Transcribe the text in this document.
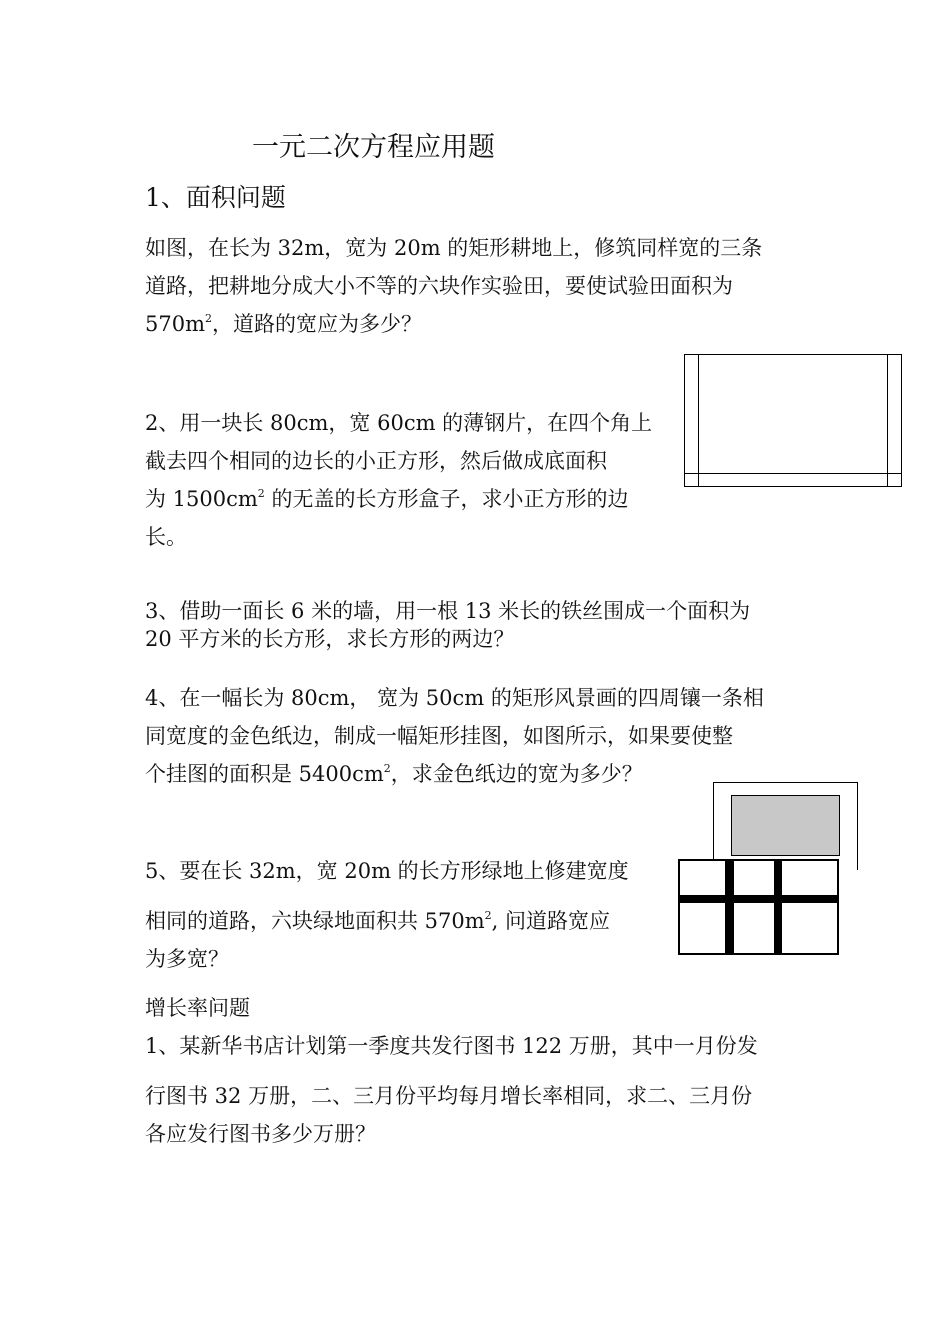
一元二次方程应用题
1、面积问题
如图，在长为 32m，宽为 20m 的矩形耕地上，修筑同样宽的三条
道路，把耕地分成大小不等的六块作实验田，要使试验田面积为
$570m^2$，道路的宽应为多少？
2、用一块长 80cm，宽 60cm 的薄钢片，在四个角上
截去四个相同的边长的小正方形，然后做成底面积
为 $1500cm^2$ 的无盖的长方形盒子，求小正方形的边
长。
3、借助一面长 6 米的墙，用一根 13 米长的铁丝围成一个面积为
20 平方米的长方形，求长方形的两边？
4、在一幅长为 80cm， 宽为 50cm 的矩形风景画的四周镶一条相
同宽度的金色纸边，制成一幅矩形挂图，如图所示，如果要使整
个挂图的面积是 $5400cm^2$，求金色纸边的宽为多少？
5、要在长 32m，宽 20m 的长方形绿地上修建宽度
相同的道路，六块绿地面积共 $570m^2$, 问道路宽应
为多宽？
增长率问题
1、某新华书店计划第一季度共发行图书 122 万册，其中一月份发
行图书 32 万册，二、三月份平均每月增长率相同，求二、三月份
各应发行图书多少万册？
